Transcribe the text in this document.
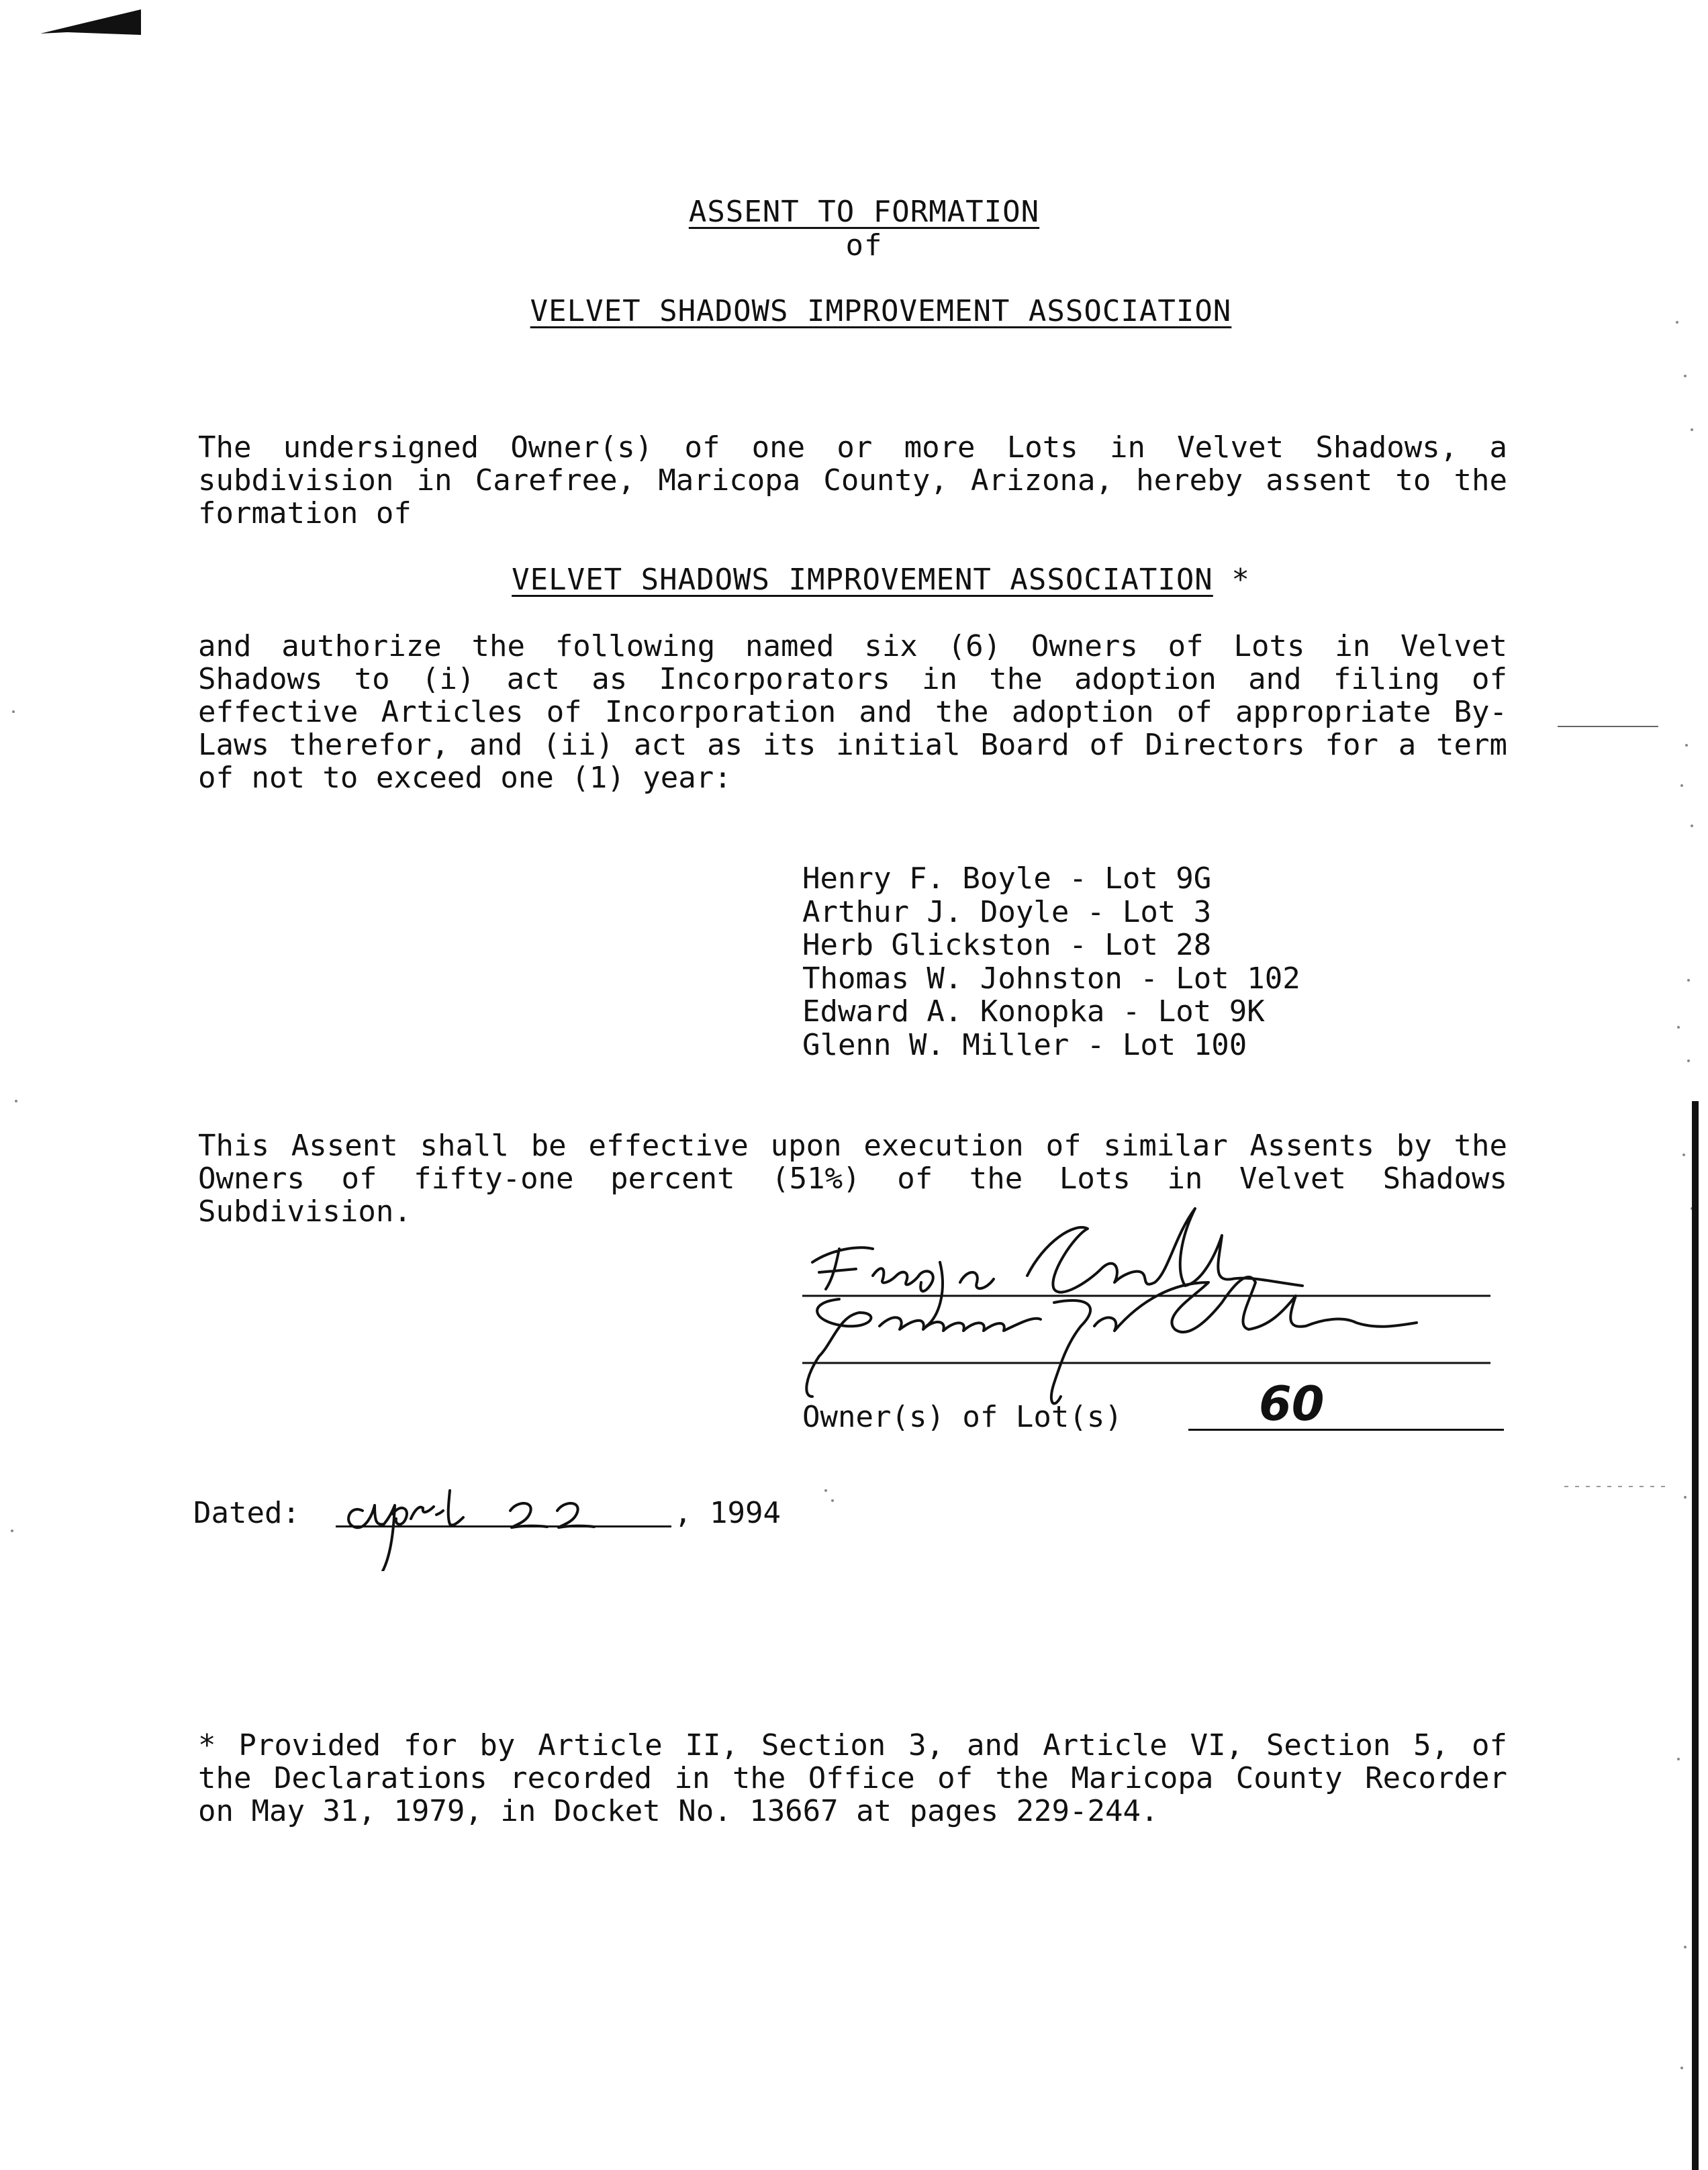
ASSENT TO FORMATION
of
VELVET SHADOWS IMPROVEMENT ASSOCIATION
The undersigned Owner(s) of one or more Lots in Velvet Shadows, a subdivision in Carefree, Maricopa County, Arizona, hereby assent to the formation of
VELVET SHADOWS IMPROVEMENT ASSOCIATION *
and authorize the following named six (6) Owners of Lots in Velvet Shadows to (i) act as Incorporators in the adoption and filing of effective Articles of Incorporation and the adoption of appropriate By-Laws therefor, and (ii) act as its initial Board of Directors for a term of not to exceed one (1) year:
Henry F. Boyle - Lot 9G
Arthur J. Doyle - Lot 3
Herb Glickston - Lot 28
Thomas W. Johnston - Lot 102
Edward A. Konopka - Lot 9K
Glenn W. Miller - Lot 100
This Assent shall be effective upon execution of similar Assents by the Owners of fifty-one percent (51%) of the Lots in Velvet Shadows Subdivision.
Owner(s) of Lot(s)	60
Dated:	, 1994
* Provided for by Article II, Section 3, and Article VI, Section 5, of the Declarations recorded in the Office of the Maricopa County Recorder on May 31, 1979, in Docket No. 13667 at pages 229-244.
